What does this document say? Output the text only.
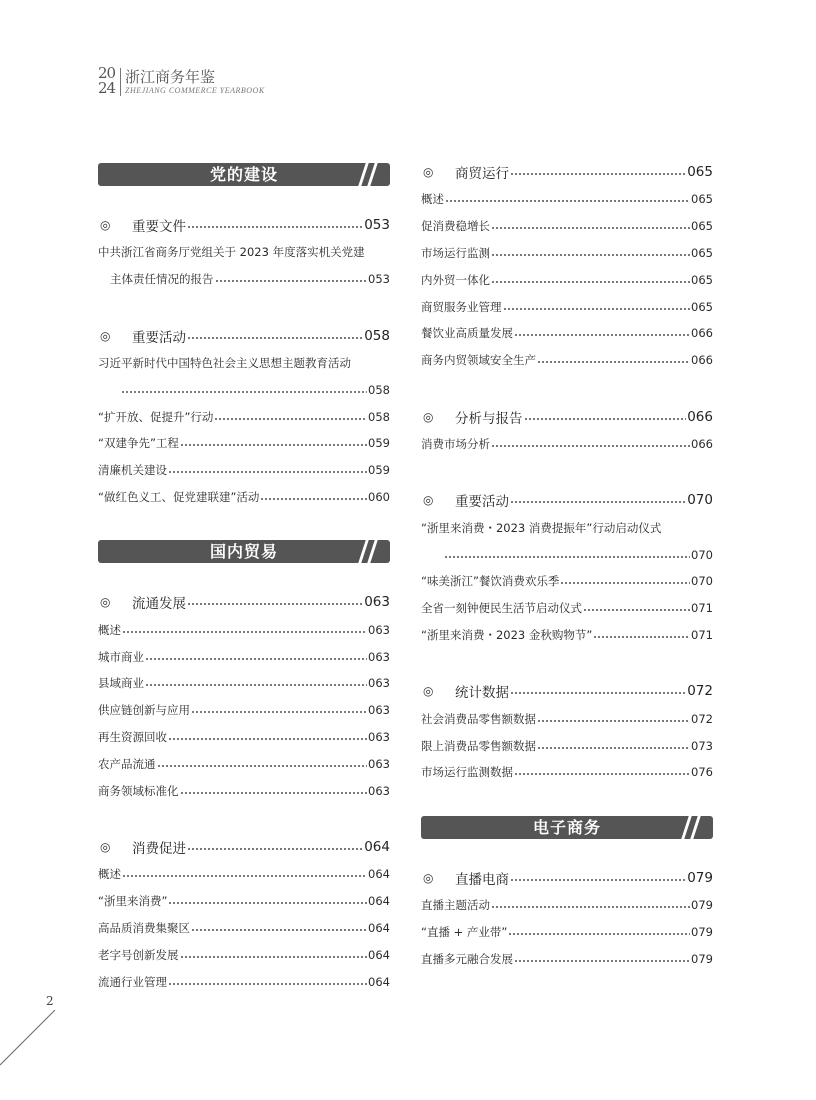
20
24
浙江商务年鉴
ZHEJIANG COMMERCE YEARBOOK
党的建设
◎	重要文件	053
中共浙江省商务厅党组关于 2023 年度落实机关党建
主体责任情况的报告	053
◎	重要活动	058
习近平新时代中国特色社会主义思想主题教育活动
058
“扩开放、促提升”行动	058
“双建争先”工程	059
清廉机关建设	059
“做红色义工、促党建联建”活动	060
国内贸易
◎	流通发展	063
概述	063
城市商业	063
县域商业	063
供应链创新与应用	063
再生资源回收	063
农产品流通	063
商务领域标准化	063
◎	消费促进	064
概述	064
“浙里来消费”	064
高品质消费集聚区	064
老字号创新发展	064
流通行业管理	064
◎	商贸运行	065
概述	065
促消费稳增长	065
市场运行监测	065
内外贸一体化	065
商贸服务业管理	065
餐饮业高质量发展	066
商务内贸领域安全生产	066
◎	分析与报告	066
消费市场分析	066
◎	重要活动	070
“浙里来消费・2023 消费提振年”行动启动仪式
070
“味美浙江”餐饮消费欢乐季	070
全省一刻钟便民生活节启动仪式	071
“浙里来消费・2023 金秋购物节”	071
◎	统计数据	072
社会消费品零售额数据	072
限上消费品零售额数据	073
市场运行监测数据	076
电子商务
◎	直播电商	079
直播主题活动	079
“直播 + 产业带”	079
直播多元融合发展	079
2
